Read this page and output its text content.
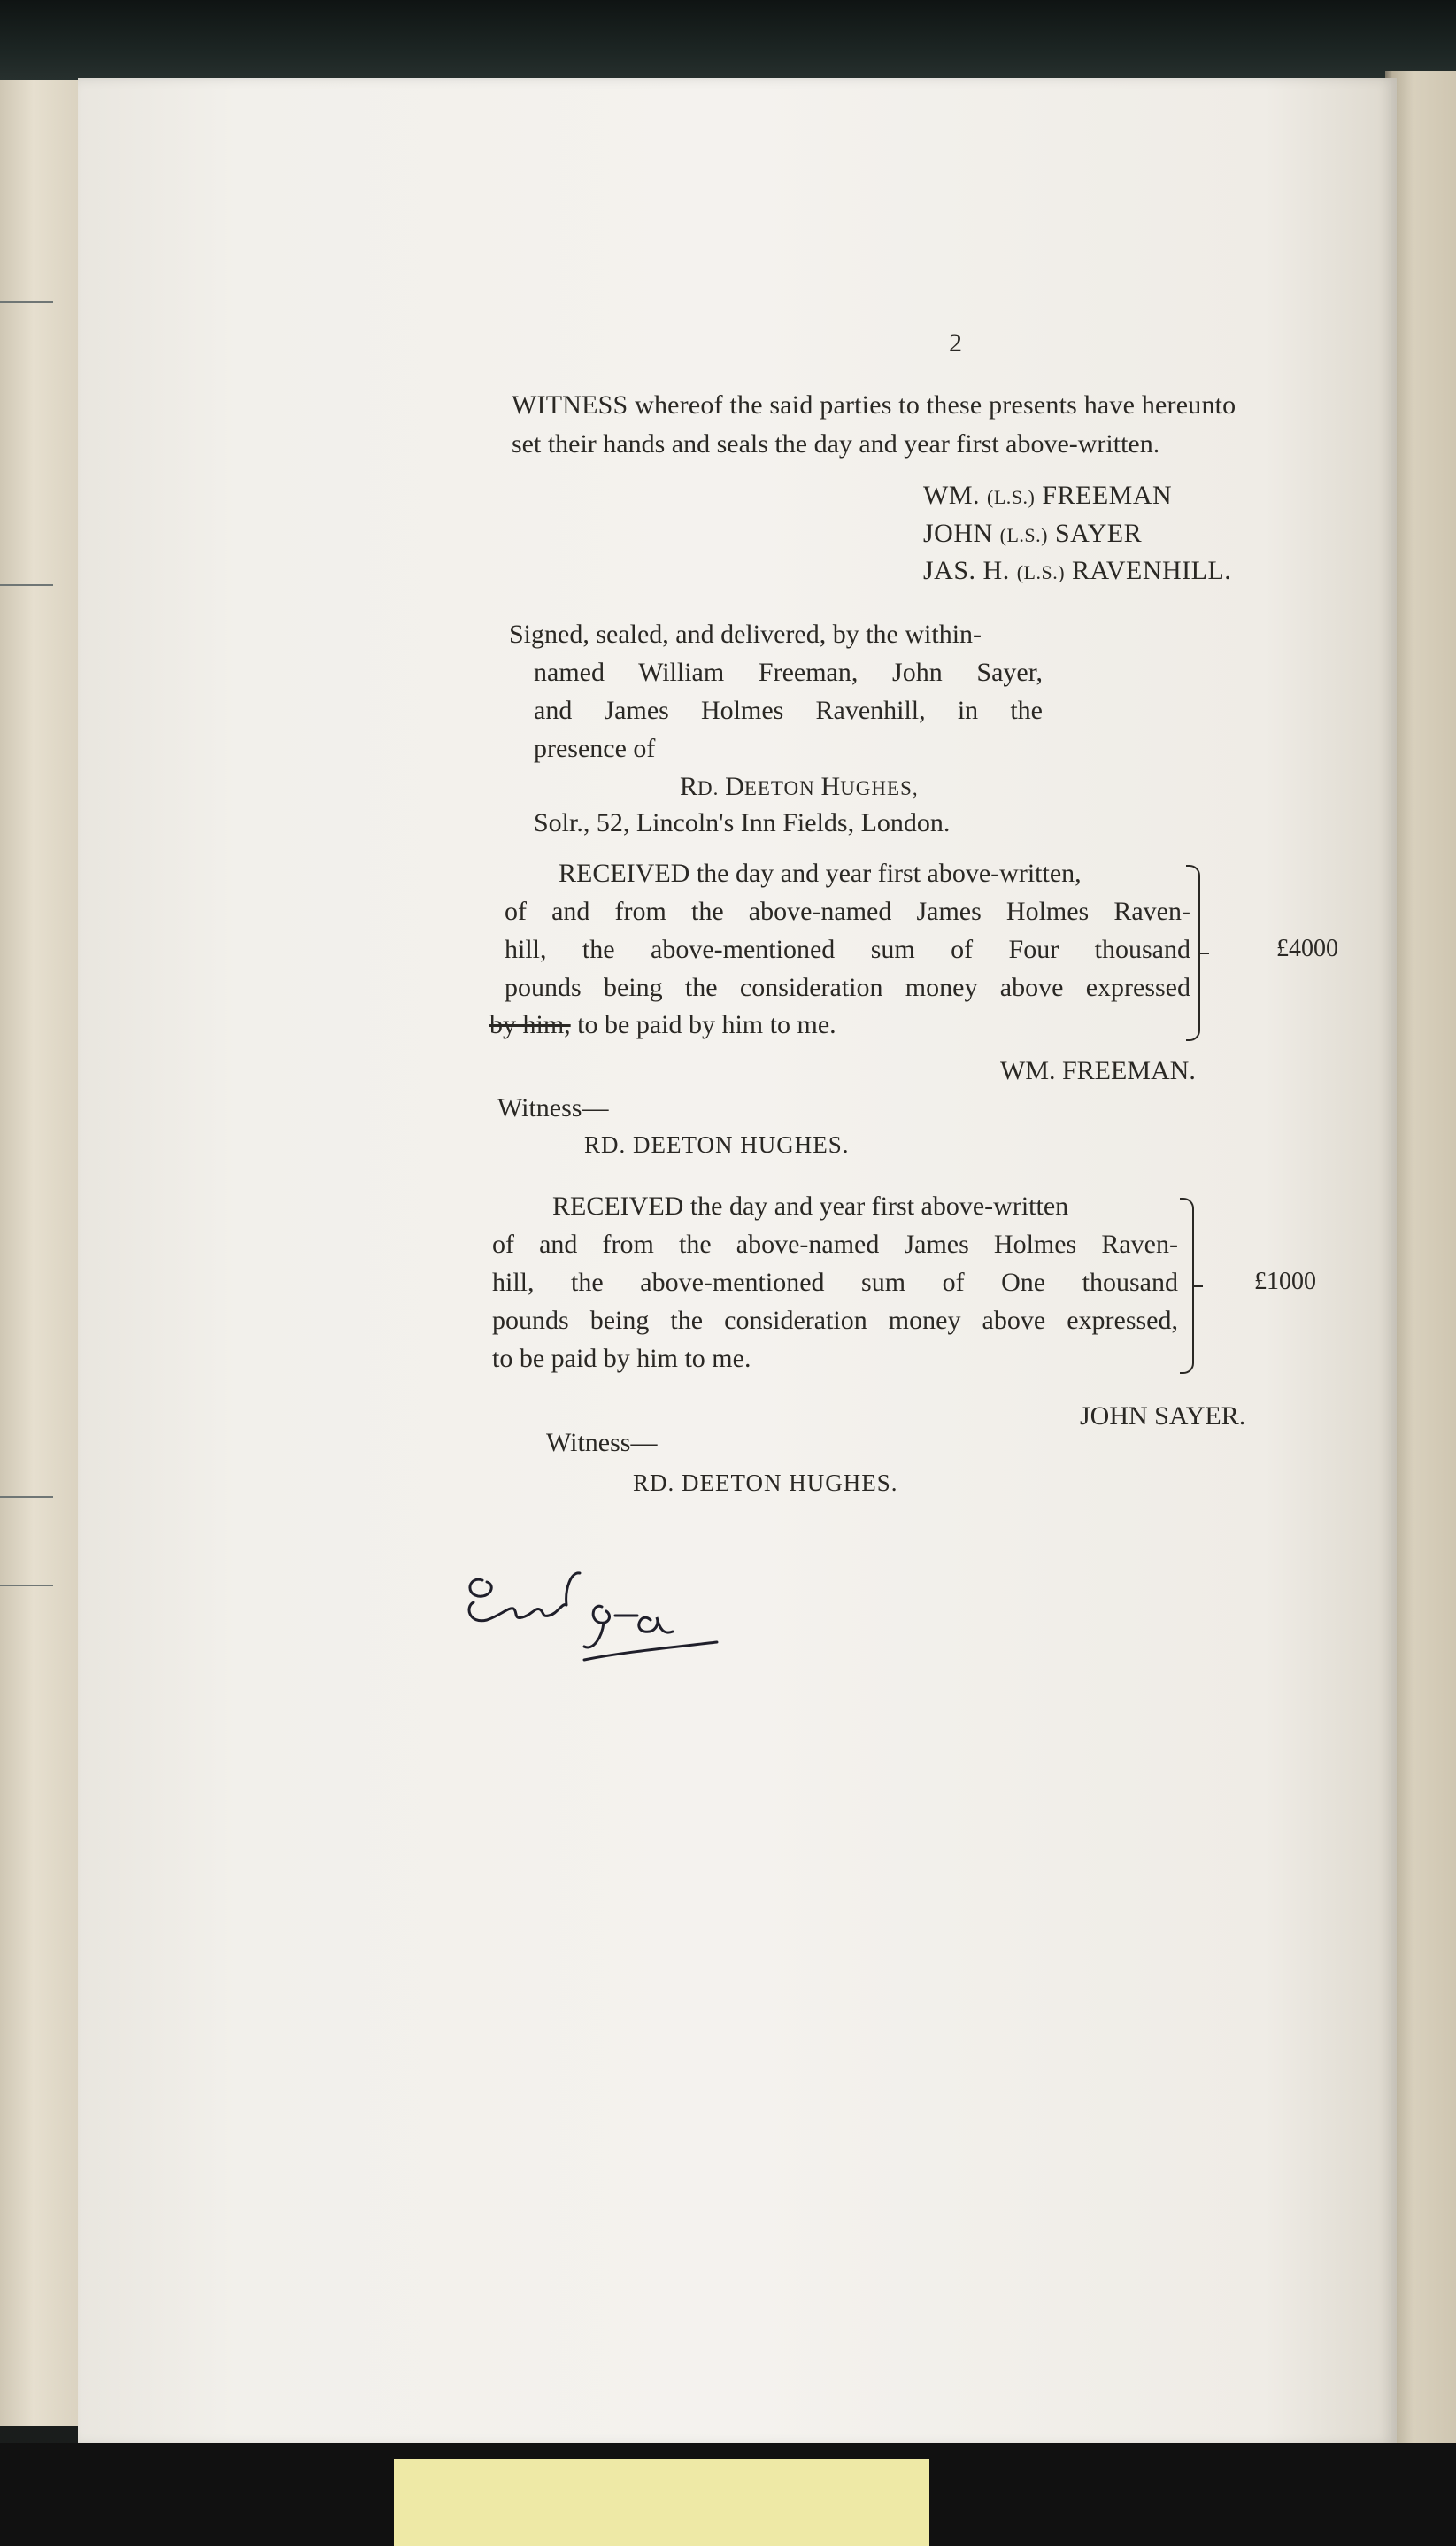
2
WITNESS whereof the said parties to these presents have hereunto
set their hands and seals the day and year first above-written.
WM. (L.S.) FREEMAN
JOHN (L.S.) SAYER
JAS. H. (L.S.) RAVENHILL.
Signed, sealed, and delivered, by the within-
named William Freeman, John Sayer,
and James Holmes Ravenhill, in the
presence of
RD. DEETON HUGHES,
Solr., 52, Lincoln's Inn Fields, London.
RECEIVED the day and year first above-written,
of and from the above-named James Holmes Raven-
hill, the above-mentioned sum of Four thousand
pounds being the consideration money above expressed
by him, to be paid by him to me.
£4000
WM. FREEMAN.
Witness—
RD. DEETON HUGHES.
RECEIVED the day and year first above-written
of and from the above-named James Holmes Raven-
hill, the above-mentioned sum of One thousand
pounds being the consideration money above expressed,
to be paid by him to me.
£1000
JOHN SAYER.
Witness—
RD. DEETON HUGHES.
